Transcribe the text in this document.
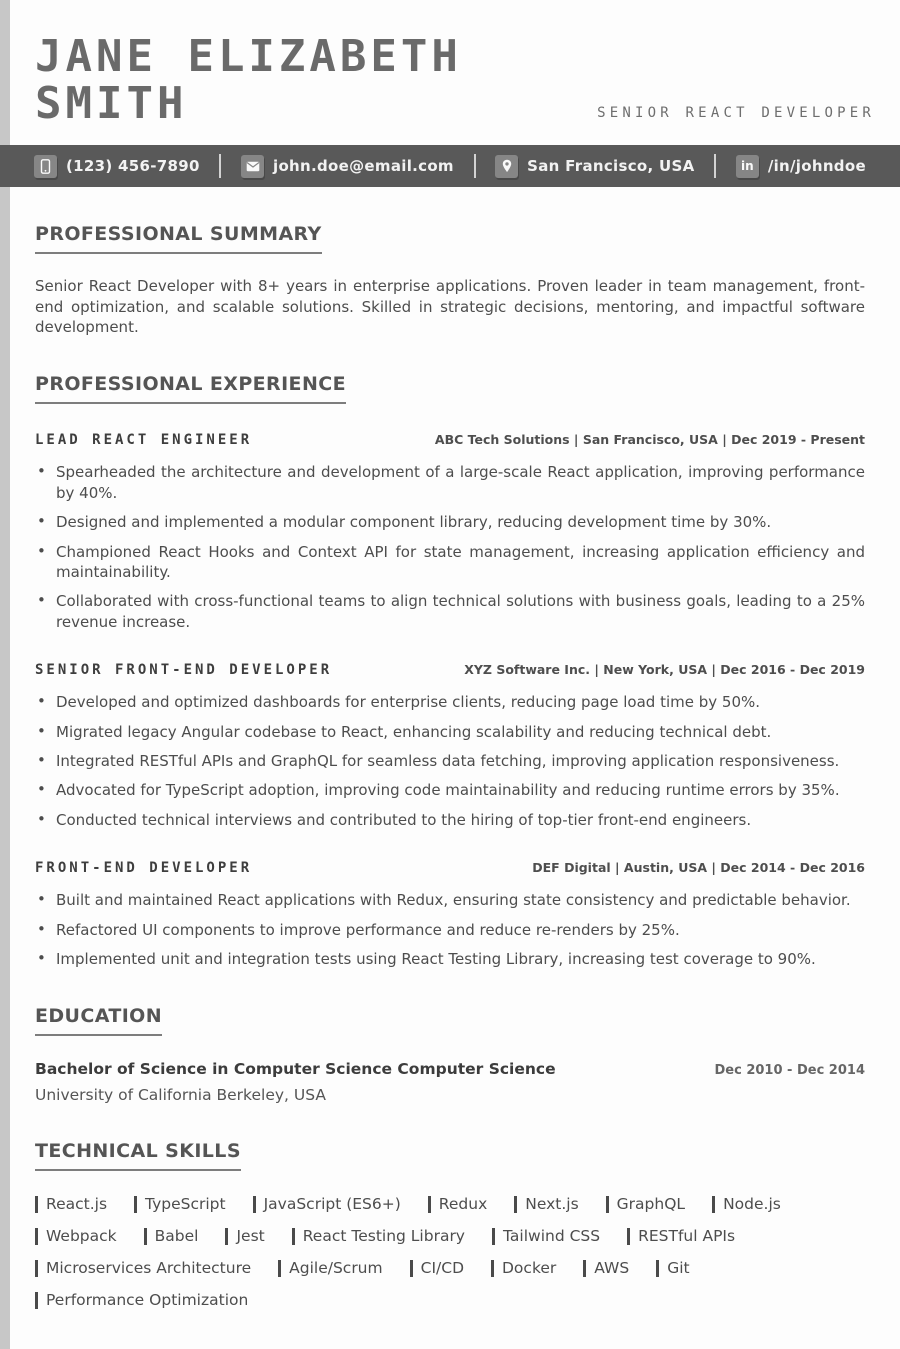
JANE ELIZABETH
SMITH	SENIOR REACT DEVELOPER
(123) 456-7890	john.doe@email.com	San Francisco, USA	in /in/johndoe
PROFESSIONAL SUMMARY

Senior React Developer with 8+ years in enterprise applications. Proven leader in team management, front-end optimization, and scalable solutions. Skilled in strategic decisions, mentoring, and impactful software development.

PROFESSIONAL EXPERIENCE
LEAD REACT ENGINEER	ABC Tech Solutions | San Francisco, USA | Dec 2019 - Present
• Spearheaded the architecture and development of a large-scale React application, improving performance by 40%.
• Designed and implemented a modular component library, reducing development time by 30%.
• Championed React Hooks and Context API for state management, increasing application efficiency and maintainability.
• Collaborated with cross-functional teams to align technical solutions with business goals, leading to a 25% revenue increase.
SENIOR FRONT-END DEVELOPER	XYZ Software Inc. | New York, USA | Dec 2016 - Dec 2019
• Developed and optimized dashboards for enterprise clients, reducing page load time by 50%.
• Migrated legacy Angular codebase to React, enhancing scalability and reducing technical debt.
• Integrated RESTful APIs and GraphQL for seamless data fetching, improving application responsiveness.
• Advocated for TypeScript adoption, improving code maintainability and reducing runtime errors by 35%.
• Conducted technical interviews and contributed to the hiring of top-tier front-end engineers.
FRONT-END DEVELOPER	DEF Digital | Austin, USA | Dec 2014 - Dec 2016
• Built and maintained React applications with Redux, ensuring state consistency and predictable behavior.
• Refactored UI components to improve performance and reduce re-renders by 25%.
• Implemented unit and integration tests using React Testing Library, increasing test coverage to 90%.
EDUCATION
Bachelor of Science in Computer Science Computer Science	Dec 2010 - Dec 2014
University of California Berkeley, USA
TECHNICAL SKILLS
React.js TypeScript JavaScript (ES6+) Redux Next.js GraphQL Node.js
Webpack Babel Jest React Testing Library Tailwind CSS RESTful APIs
Microservices Architecture Agile/Scrum CI/CD Docker AWS Git
Performance Optimization
